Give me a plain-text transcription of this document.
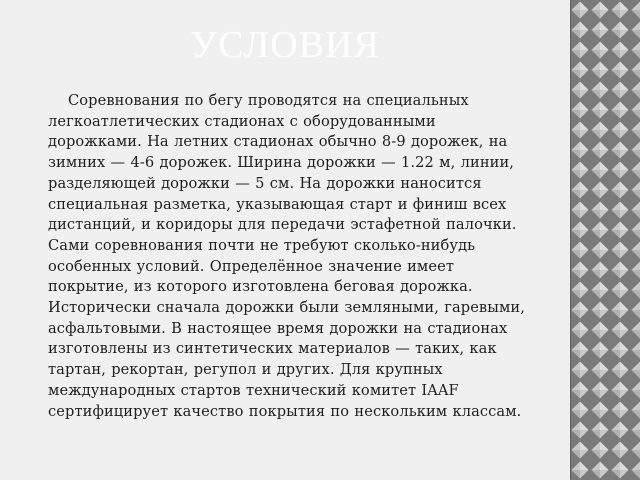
УСЛОВИЯ

Соревнования по бегу проводятся на специальных легкоатлетических стадионах с оборудованными дорожками. На летних стадионах обычно 8-9 дорожек, на зимних — 4-6 дорожек. Ширина дорожки — 1.22 м, линии, разделяющей дорожки — 5 см. На дорожки наносится специальная разметка, указывающая старт и финиш всех дистанций, и коридоры для передачи эстафетной палочки. Сами соревнования почти не требуют сколько-нибудь особенных условий. Определённое значение имеет покрытие, из которого изготовлена беговая дорожка. Исторически сначала дорожки были земляными, гаревыми, асфальтовыми. В настоящее время дорожки на стадионах изготовлены из синтетических материалов — таких, как тартан, рекортан, регупол и других. Для крупных международных стартов технический комитет IAAF сертифицирует качество покрытия по нескольким классам.
